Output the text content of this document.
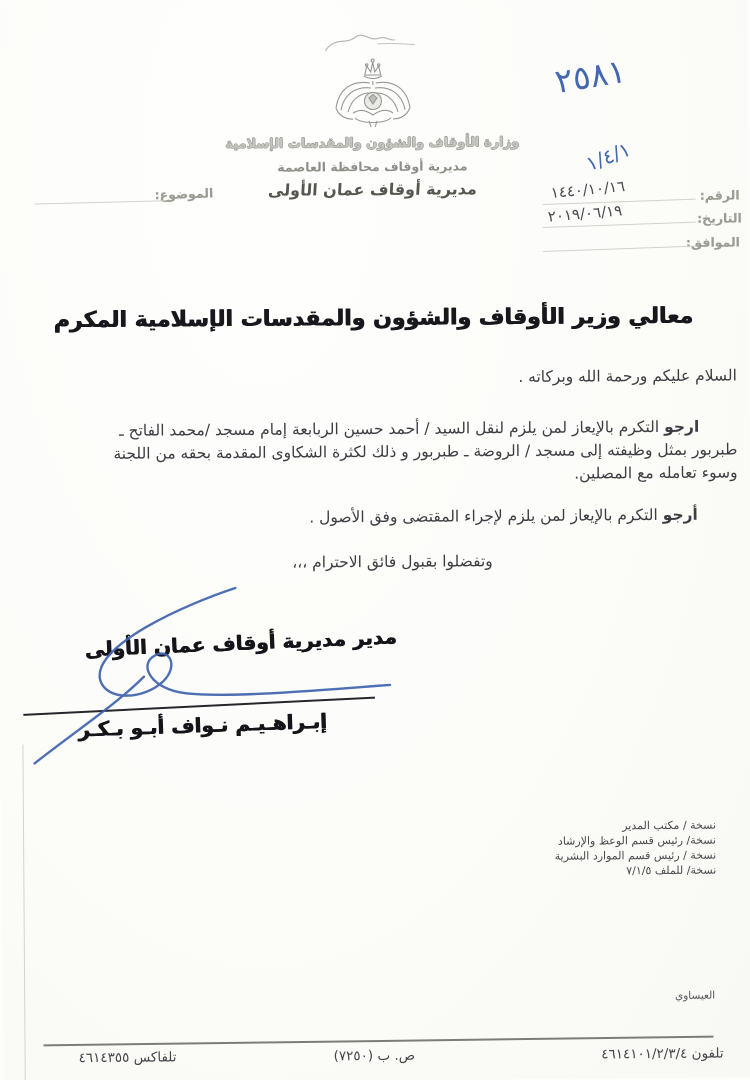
وزارة الأوقاف والشؤون والمقدسات الإسلامية
مديرية أوقاف محافظة العاصمة
مديرية أوقاف عمان الأولى
٢٥٨١
١/٤/١
الرقم:
١٤٤٠/١٠/١٦
التاريخ:
٢٠١٩/٠٦/١٩
الموافق:
الموضوع:
معالي وزير الأوقاف والشؤون والمقدسات الإسلامية المكرم
السلام عليكم ورحمة الله وبركاته .
ارجو التكرم بالإيعاز لمن يلزم لنقل السيد / أحمد حسين الربابعة إمام مسجد /محمد الفاتح ـ
طبربور بمثل وظيفته إلى مسجد / الروضة ـ طبربور و ذلك لكثرة الشكاوى المقدمة بحقه من اللجنة
وسوء تعامله مع المصلين.
أرجو التكرم بالإيعاز لمن يلزم لإجراء المقتضى وفق الأصول .
وتفضلوا بقبول فائق الاحترام ،،،
مدير مديرية أوقاف عمان الأولى
إبـراهـيـم نـواف أبـو بـكـر
نسخة / مكتب المدير
نسخة/ رئيس قسم الوعظ والإرشاد
نسخة / رئيس قسم الموارد البشرية
نسخة/ للملف ٧/١/٥
العيساوي
تلفون ٤٦١٤١٠١/٢/٣/٤
ص. ب (٧٢٥٠)
تلفاكس ٤٦١٤٣٥٥
